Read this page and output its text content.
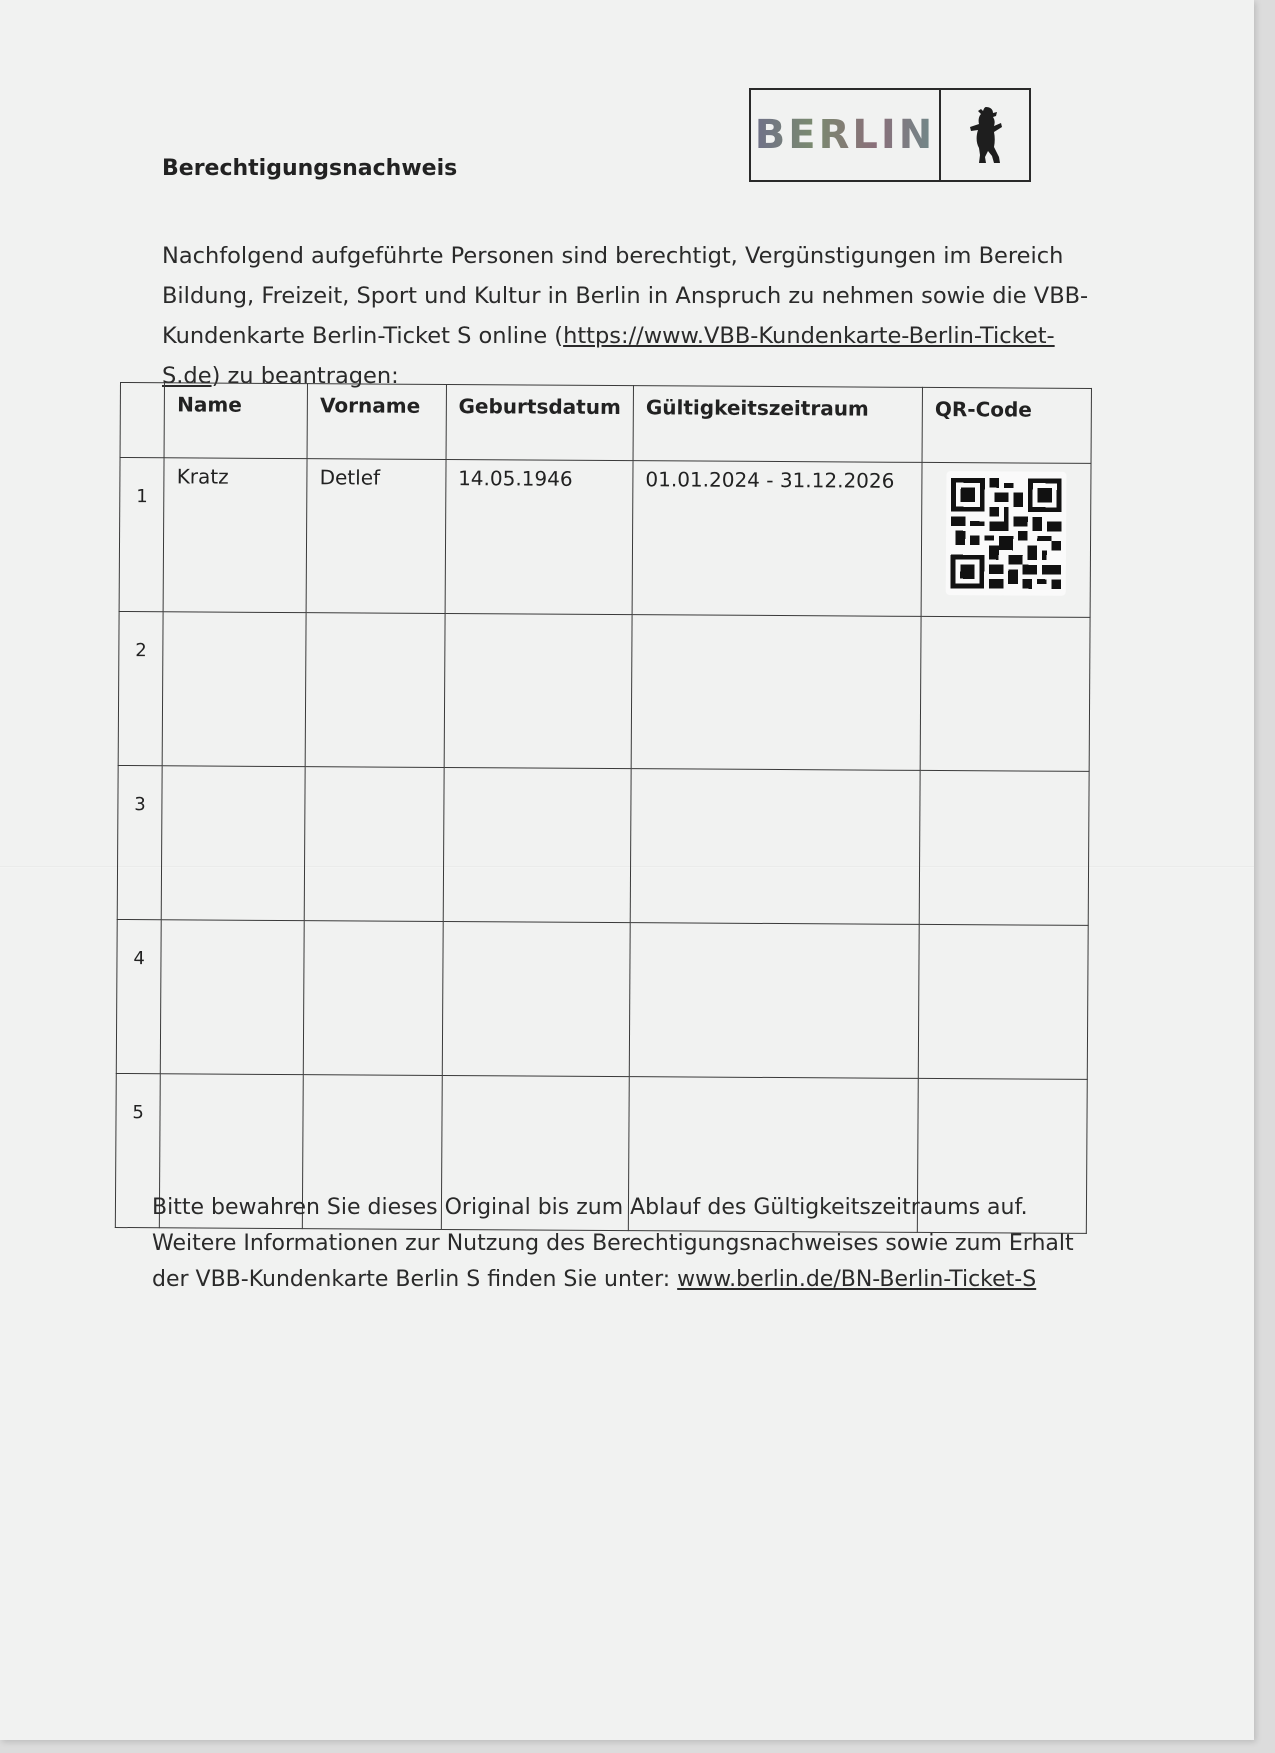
BERLIN
Berechtigungsnachweis
Nachfolgend aufgeführte Personen sind berechtigt, Vergünstigungen im Bereich Bildung, Freizeit, Sport und Kultur in Berlin in Anspruch zu nehmen sowie die VBB-Kundenkarte Berlin-Ticket S online (https://www.VBB-Kundenkarte-Berlin-Ticket-S.de) zu beantragen:
	Name	Vorname	Geburtsdatum	Gültigkeitszeitraum	QR-Code
1	Kratz	Detlef	14.05.1946	01.01.2024 - 31.12.2026	

2					
3					
4					
5					
Bitte bewahren Sie dieses Original bis zum Ablauf des Gültigkeitszeitraums auf. Weitere Informationen zur Nutzung des Berechtigungsnachweises sowie zum Erhalt der VBB-Kundenkarte Berlin S finden Sie unter: www.berlin.de/BN-Berlin-Ticket-S
